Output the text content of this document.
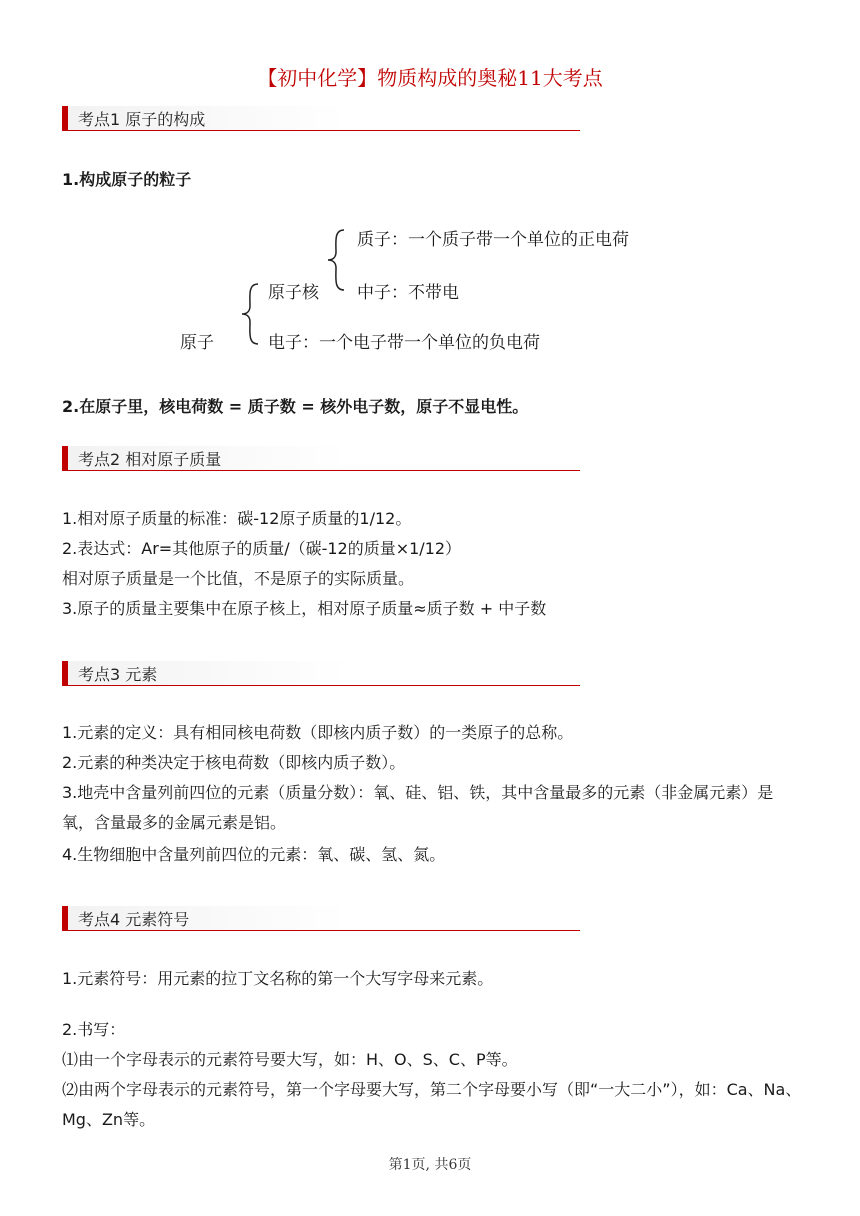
【初中化学】物质构成的奥秘11大考点
考点1 原子的构成
1.构成原子的粒子
原子
原子核
质子：一个质子带一个单位的正电荷
中子：不带电
电子：一个电子带一个单位的负电荷
2.在原子里，核电荷数 = 质子数 = 核外电子数，原子不显电性。
考点2 相对原子质量
1.相对原子质量的标准：碳-12原子质量的1/12。
2.表达式：Ar=其他原子的质量/（碳-12的质量×1/12）
相对原子质量是一个比值，不是原子的实际质量。
3.原子的质量主要集中在原子核上，相对原子质量≈质子数 + 中子数
考点3 元素
1.元素的定义：具有相同核电荷数（即核内质子数）的一类原子的总称。
2.元素的种类决定于核电荷数（即核内质子数）。
3.地壳中含量列前四位的元素（质量分数）：氧、硅、铝、铁，其中含量最多的元素（非金属元素）是氧，含量最多的金属元素是铝。
4.生物细胞中含量列前四位的元素：氧、碳、氢、氮。
考点4 元素符号
1.元素符号：用元素的拉丁文名称的第一个大写字母来元素。
2.书写：
⑴由一个字母表示的元素符号要大写，如：H、O、S、C、P等。
⑵由两个字母表示的元素符号，第一个字母要大写，第二个字母要小写（即“一大二小”），如：Ca、Na、Mg、Zn等。
第1页, 共6页
